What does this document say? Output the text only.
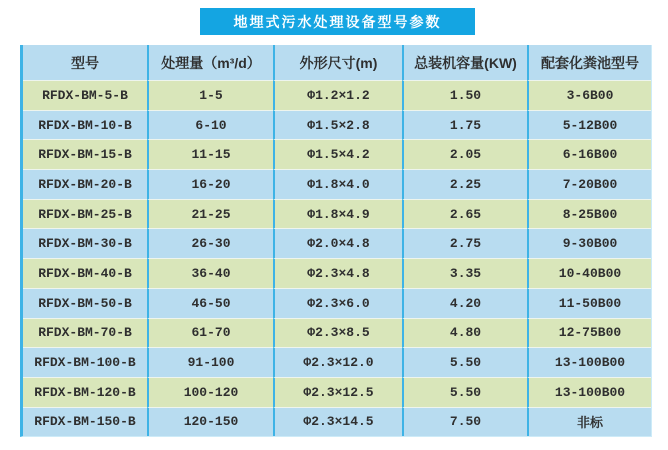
地埋式污水处理设备型号参数
型号	处理量（m³/d）	外形尺寸(m)	总装机容量(KW)	配套化粪池型号
RFDX-BM-5-B	1-5	Φ1.2×1.2	1.50	3-6B00
RFDX-BM-10-B	6-10	Φ1.5×2.8	1.75	5-12B00
RFDX-BM-15-B	11-15	Φ1.5×4.2	2.05	6-16B00
RFDX-BM-20-B	16-20	Φ1.8×4.0	2.25	7-20B00
RFDX-BM-25-B	21-25	Φ1.8×4.9	2.65	8-25B00
RFDX-BM-30-B	26-30	Φ2.0×4.8	2.75	9-30B00
RFDX-BM-40-B	36-40	Φ2.3×4.8	3.35	10-40B00
RFDX-BM-50-B	46-50	Φ2.3×6.0	4.20	11-50B00
RFDX-BM-70-B	61-70	Φ2.3×8.5	4.80	12-75B00
RFDX-BM-100-B	91-100	Φ2.3×12.0	5.50	13-100B00
RFDX-BM-120-B	100-120	Φ2.3×12.5	5.50	13-100B00
RFDX-BM-150-B	120-150	Φ2.3×14.5	7.50	非标
